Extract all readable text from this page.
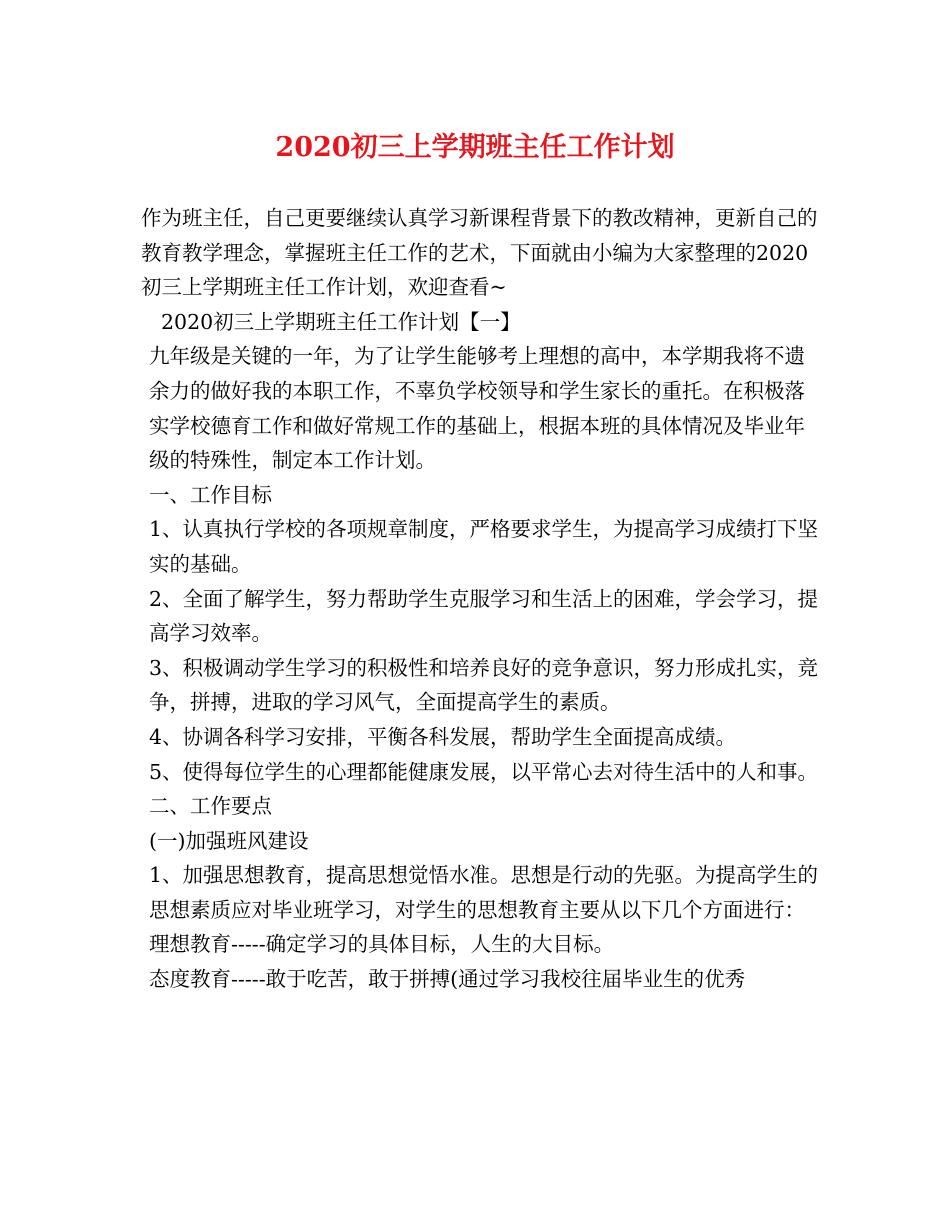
2020初三上学期班主任工作计划

作为班主任，自己更要继续认真学习新课程背景下的教改精神，更新自己的教育教学理念，掌握班主任工作的艺术，下面就由小编为大家整理的2020初三上学期班主任工作计划，欢迎查看~

2020初三上学期班主任工作计划【一】

九年级是关键的一年，为了让学生能够考上理想的高中，本学期我将不遗余力的做好我的本职工作，不辜负学校领导和学生家长的重托。在积极落实学校德育工作和做好常规工作的基础上，根据本班的具体情况及毕业年级的特殊性，制定本工作计划。

一、工作目标

1、认真执行学校的各项规章制度，严格要求学生，为提高学习成绩打下坚实的基础。

2、全面了解学生，努力帮助学生克服学习和生活上的困难，学会学习，提高学习效率。

3、积极调动学生学习的积极性和培养良好的竞争意识，努力形成扎实，竞争，拼搏，进取的学习风气，全面提高学生的素质。

4、协调各科学习安排，平衡各科发展，帮助学生全面提高成绩。

5、使得每位学生的心理都能健康发展，以平常心去对待生活中的人和事。

二、工作要点

(一)加强班风建设

1、加强思想教育，提高思想觉悟水准。思想是行动的先驱。为提高学生的思想素质应对毕业班学习，对学生的思想教育主要从以下几个方面进行：

理想教育-----确定学习的具体目标，人生的大目标。

态度教育-----敢于吃苦，敢于拼搏(通过学习我校往届毕业生的优秀
